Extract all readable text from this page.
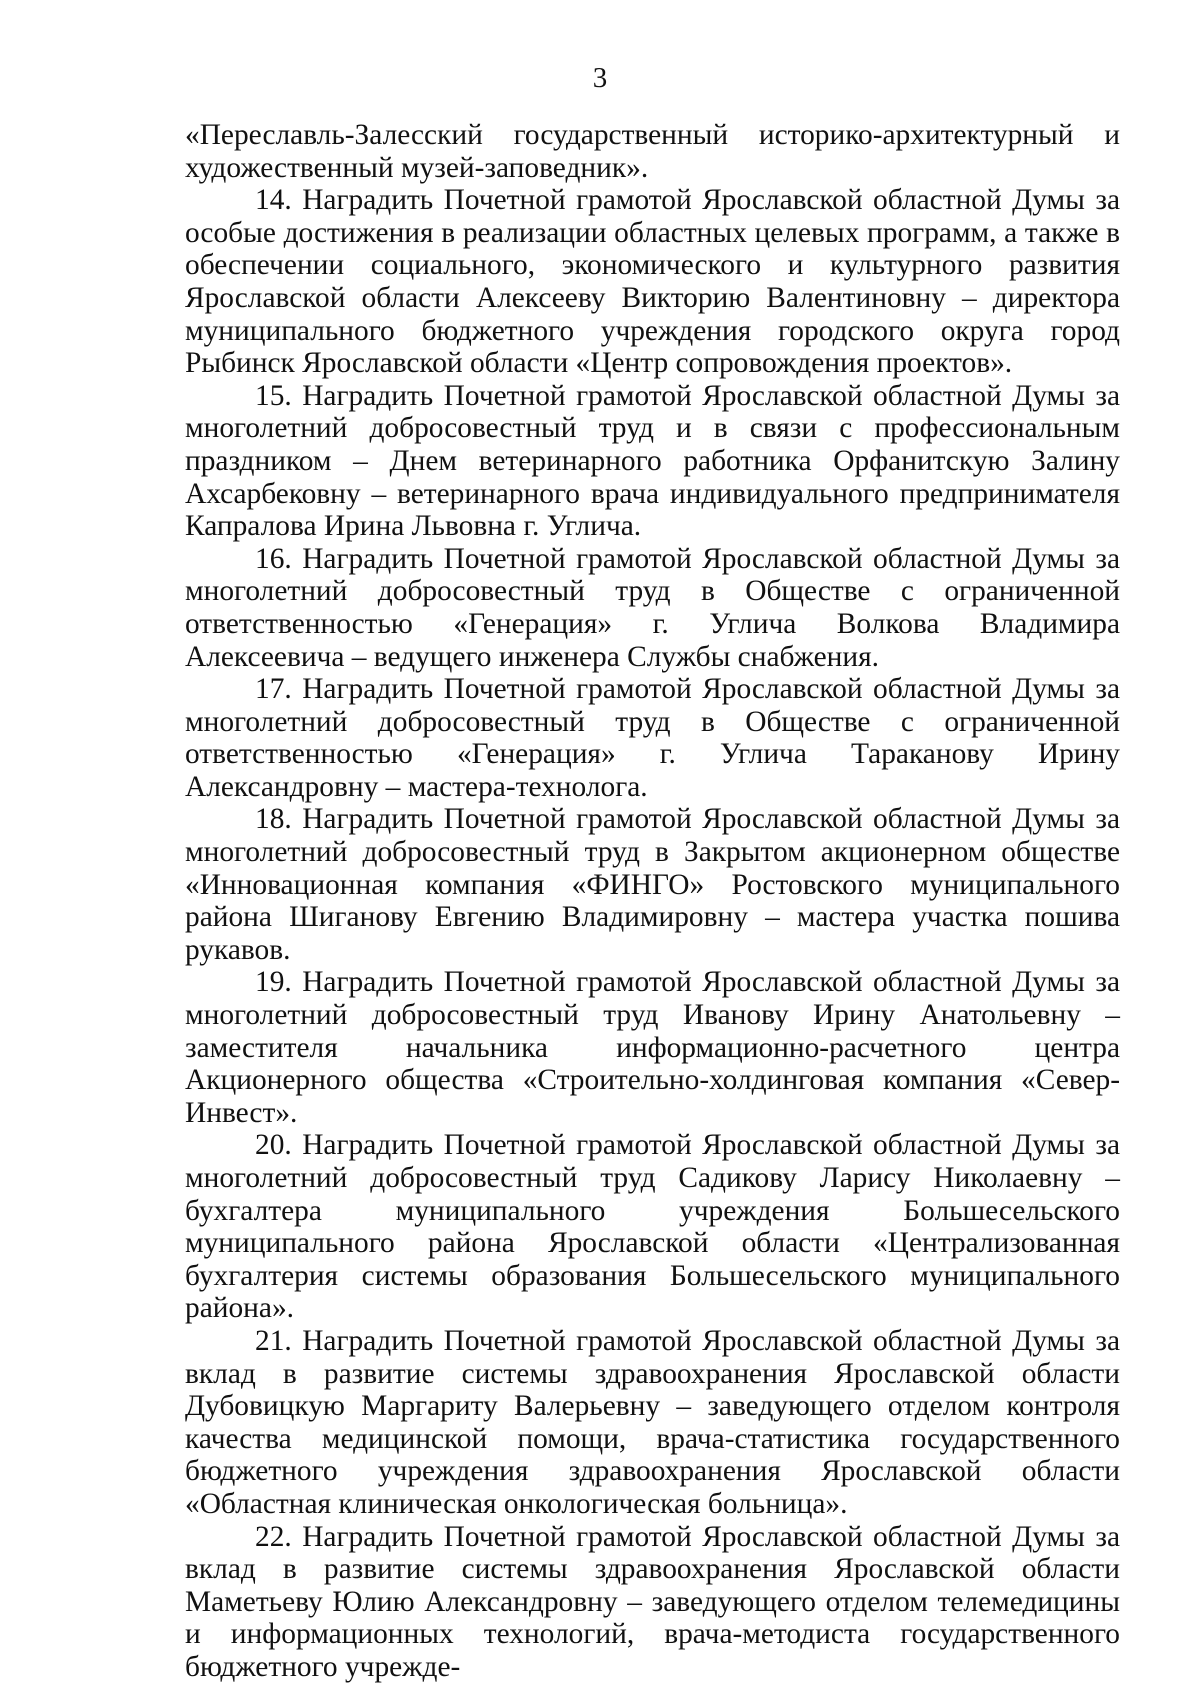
3

«Переславль-Залесский государственный историко-архитектурный и художественный музей-заповедник».

14. Наградить Почетной грамотой Ярославской областной Думы за особые достижения в реализации областных целевых программ, а также в обеспечении социального, экономического и культурного развития Ярославской области Алексееву Викторию Валентиновну – директора муниципального бюджетного учреждения городского округа город Рыбинск Ярославской области «Центр сопровождения проектов».

15. Наградить Почетной грамотой Ярославской областной Думы за многолетний добросовестный труд и в связи с профессиональным праздником – Днем ветеринарного работника Орфанитскую Залину Ахсарбековну – ветеринарного врача индивидуального предпринимателя Капралова Ирина Львовна г. Углича.

16. Наградить Почетной грамотой Ярославской областной Думы за многолетний добросовестный труд в Обществе с ограниченной ответственностью «Генерация» г. Углича Волкова Владимира Алексеевича – ведущего инженера Службы снабжения.

17. Наградить Почетной грамотой Ярославской областной Думы за многолетний добросовестный труд в Обществе с ограниченной ответственностью «Генерация» г. Углича Тараканову Ирину Александровну – мастера-технолога.

18. Наградить Почетной грамотой Ярославской областной Думы за многолетний добросовестный труд в Закрытом акционерном обществе «Инновационная компания «ФИНГО» Ростовского муниципального района Шиганову Евгению Владимировну – мастера участка пошива рукавов.

19. Наградить Почетной грамотой Ярославской областной Думы за многолетний добросовестный труд Иванову Ирину Анатольевну – заместителя начальника информационно-расчетного центра Акционерного общества «Строительно-холдинговая компания «Север-Инвест».

20. Наградить Почетной грамотой Ярославской областной Думы за многолетний добросовестный труд Садикову Ларису Николаевну – бухгалтера муниципального учреждения Большесельского муниципального района Ярославской области «Централизованная бухгалтерия системы образования Большесельского муниципального района».

21. Наградить Почетной грамотой Ярославской областной Думы за вклад в развитие системы здравоохранения Ярославской области Дубовицкую Маргариту Валерьевну – заведующего отделом контроля качества медицинской помощи, врача-статистика государственного бюджетного учреждения здравоохранения Ярославской области «Областная клиническая онкологическая больница».

22. Наградить Почетной грамотой Ярославской областной Думы за вклад в развитие системы здравоохранения Ярославской области Маметьеву Юлию Александровну – заведующего отделом телемедицины и информационных технологий, врача-методиста государственного бюджетного учрежде-
